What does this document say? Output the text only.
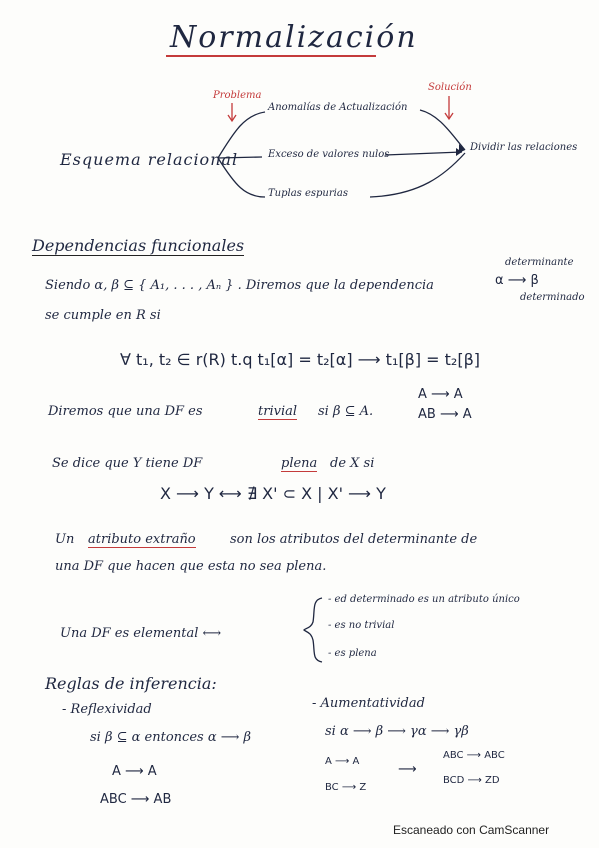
Normalización
Problema
Solución
Esquema relacional
Anomalías de Actualización
Exceso de valores nulos
Tuplas espurias
Dividir las relaciones
Dependencias funcionales
Siendo α, β ⊆ { A₁, . . . , Aₙ } . Diremos que la dependencia
determinante
α ⟶ β
determinado
se cumple en R si
∀ t₁, t₂ ∈ r(R) t.q t₁[α] = t₂[α] ⟶ t₁[β] = t₂[β]
Diremos que una DF es	trivial si β ⊆ A.
A ⟶ A
AB ⟶ A
Se dice que Y tiene DF	plena de X si
X ⟶ Y ⟷ ∄ X' ⊂ X | X' ⟶ Y
Un atributo extraño	son los atributos del determinante de
una DF que hacen que esta no sea plena.
Una DF es elemental ⟷
- ed determinado es un atributo único
- es no trivial
- es plena
Reglas de inferencia:
- Reflexividad
si β ⊆ α entonces α ⟶ β
A ⟶ A
ABC ⟶ AB
- Aumentatividad
si α ⟶ β ⟶ γα ⟶ γβ
A ⟶ A
BC ⟶ Z
⟶
ABC ⟶ ABC
BCD ⟶ ZD
Escaneado con CamScanner
